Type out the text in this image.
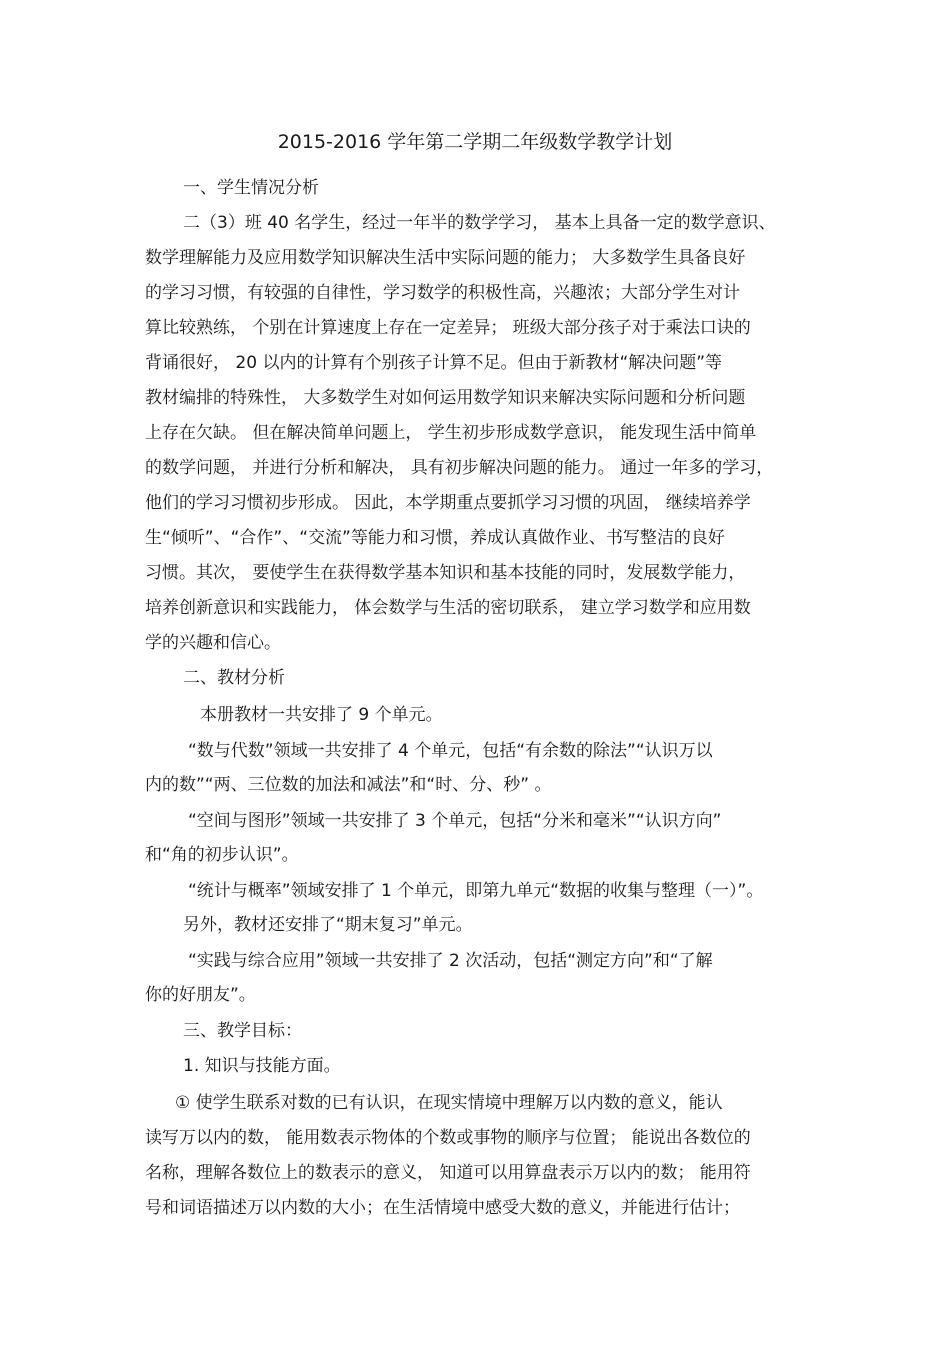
2015-2016 学年第二学期二年级数学教学计划
一、学生情况分析
二（3）班 40 名学生，经过一年半的数学学习， 基本上具备一定的数学意识、
数学理解能力及应用数学知识解决生活中实际问题的能力； 大多数学生具备良好
的学习习惯，有较强的自律性，学习数学的积极性高，兴趣浓；大部分学生对计
算比较熟练， 个别在计算速度上存在一定差异； 班级大部分孩子对于乘法口诀的
背诵很好， 20 以内的计算有个别孩子计算不足。但由于新教材“解决问题”等
教材编排的特殊性， 大多数学生对如何运用数学知识来解决实际问题和分析问题
上存在欠缺。 但在解决简单问题上， 学生初步形成数学意识， 能发现生活中简单
的数学问题， 并进行分析和解决， 具有初步解决问题的能力。 通过一年多的学习，
他们的学习习惯初步形成。 因此，本学期重点要抓学习习惯的巩固， 继续培养学
生“倾听”、“合作”、“交流”等能力和习惯，养成认真做作业、书写整洁的良好
习惯。其次， 要使学生在获得数学基本知识和基本技能的同时，发展数学能力，
培养创新意识和实践能力， 体会数学与生活的密切联系， 建立学习数学和应用数
学的兴趣和信心。
二、教材分析
本册教材一共安排了 9 个单元。
“数与代数”领域一共安排了 4 个单元，包括“有余数的除法”“认识万以
内的数”“两、三位数的加法和减法”和“时、分、秒” 。
“空间与图形”领域一共安排了 3 个单元，包括“分米和毫米”“认识方向”
和“角的初步认识”。
“统计与概率”领域安排了 1 个单元，即第九单元“数据的收集与整理（一）”。
另外，教材还安排了“期末复习”单元。
“实践与综合应用”领域一共安排了 2 次活动，包括“测定方向”和“了解
你的好朋友”。
三、教学目标：
1. 知识与技能方面。
① 使学生联系对数的已有认识，在现实情境中理解万以内数的意义，能认
读写万以内的数， 能用数表示物体的个数或事物的顺序与位置； 能说出各数位的
名称，理解各数位上的数表示的意义， 知道可以用算盘表示万以内的数； 能用符
号和词语描述万以内数的大小；在生活情境中感受大数的意义，并能进行估计；
